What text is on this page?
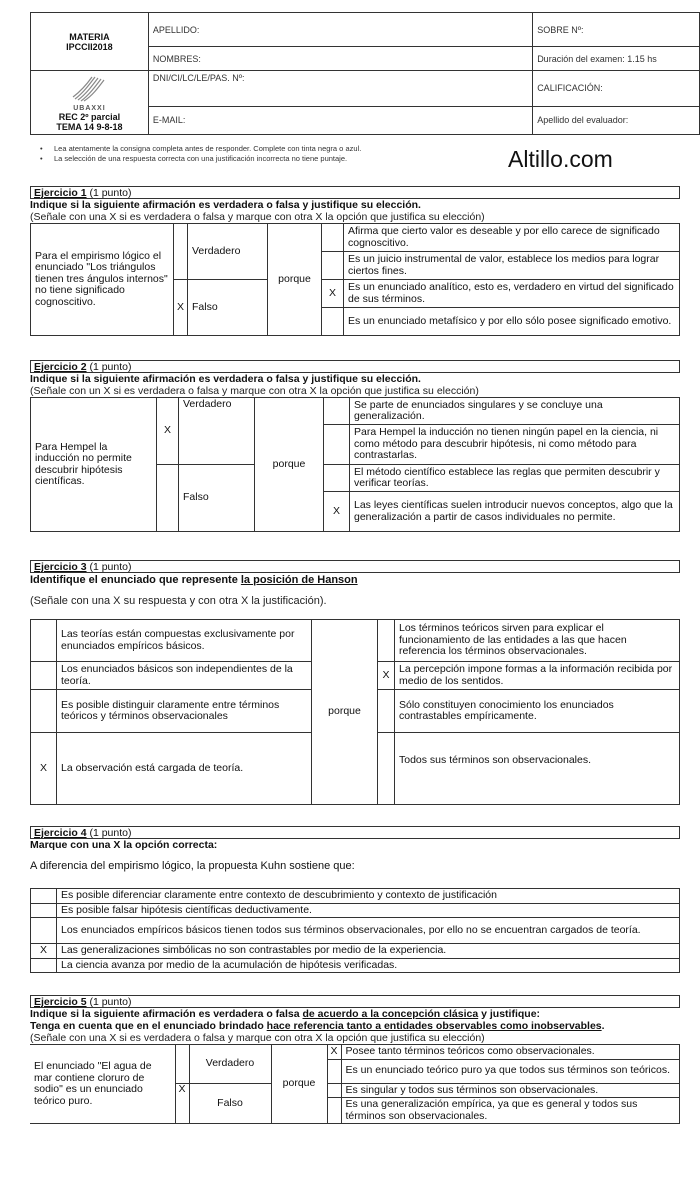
MATERIA
IPCCII2018	APELLIDO:	SOBRE Nº:
	NOMBRES:	Duración del examen: 1.15 hs

UBAXXI
REC 2º parcial
TEMA 14 9-8-18	DNI/CI/LC/LE/PAS. Nº:	CALIFICACIÓN:
	E-MAIL:	Apellido del evaluador:
• Lea atentamente la consigna completa antes de responder. Complete con tinta negra o azul.
• La selección de una respuesta correcta con una justificación incorrecta no tiene puntaje.	Altillo.com
Ejercicio 1 (1 punto)
Indique si la siguiente afirmación es verdadera o falsa y justifique su elección.
(Señale con una X si es verdadera o falsa y marque con otra X la opción que justifica su elección)
Para el empirismo lógico el enunciado "Los triángulos tienen tres ángulos internos" no tiene significado cognoscitivo.		Verdadero	porque		Afirma que cierto valor es deseable y por ello carece de significado cognoscitivo.
					Es un juicio instrumental de valor, establece los medios para lograr ciertos fines.
	X	Falso		X	Es un enunciado analítico, esto es, verdadero en virtud del significado de sus términos.
					Es un enunciado metafísico y por ello sólo posee significado emotivo.
Ejercicio 2 (1 punto)
Indique si la siguiente afirmación es verdadera o falsa y justifique su elección.
(Señale con un X si es verdadera o falsa y marque con otra X la opción que justifica su elección)
Para Hempel la inducción no permite descubrir hipótesis científicas.	X	Verdadero	porque		Se parte de enunciados singulares y se concluye una generalización.
					Para Hempel la inducción no tienen ningún papel en la ciencia, ni como método para descubrir hipótesis, ni como método para contrastarlas.
		Falso			El método científico establece las reglas que permiten descubrir y verificar teorías.
				X	Las leyes científicas suelen introducir nuevos conceptos, algo que la generalización a partir de casos individuales no permite.
Ejercicio 3 (1 punto)
Identifique el enunciado que represente la posición de Hanson
(Señale con una X su respuesta y con otra X la justificación).
	Las teorías están compuestas exclusivamente por enunciados empíricos básicos.	porque		Los términos teóricos sirven para explicar el funcionamiento de las entidades a las que hacen referencia los términos observacionales.
	Los enunciados básicos son independientes de la teoría.		X	La percepción impone formas a la información recibida por medio de los sentidos.
	Es posible distinguir claramente entre términos teóricos y términos observacionales			Sólo constituyen conocimiento los enunciados contrastables empíricamente.
X	La observación está cargada de teoría.			Todos sus términos son observacionales.
Ejercicio 4 (1 punto)
Marque con una X la opción correcta:
A diferencia del empirismo lógico, la propuesta Kuhn sostiene que:
	Es posible diferenciar claramente entre contexto de descubrimiento y contexto de justificación
	Es posible falsar hipótesis científicas deductivamente.
	Los enunciados empíricos básicos tienen todos sus términos observacionales, por ello no se encuentran cargados de teoría.
X	Las generalizaciones simbólicas no son contrastables por medio de la experiencia.
	La ciencia avanza por medio de la acumulación de hipótesis verificadas.
Ejercicio 5 (1 punto)
Indique si la siguiente afirmación es verdadera o falsa de acuerdo a la concepción clásica y justifique:
Tenga en cuenta que en el enunciado brindado hace referencia tanto a entidades observables como inobservables.
(Señale con una X si es verdadera o falsa y marque con otra X la opción que justifica su elección)
El enunciado "El agua de mar contiene cloruro de sodio" es un enunciado teórico puro.		Verdadero	porque	X	Posee tanto términos teóricos como observacionales.
					Es un enunciado teórico puro ya que todos sus términos son teóricos.
	X	Falso			Es singular y todos sus términos son observacionales.
					Es una generalización empírica, ya que es general y todos sus términos son observacionales.
